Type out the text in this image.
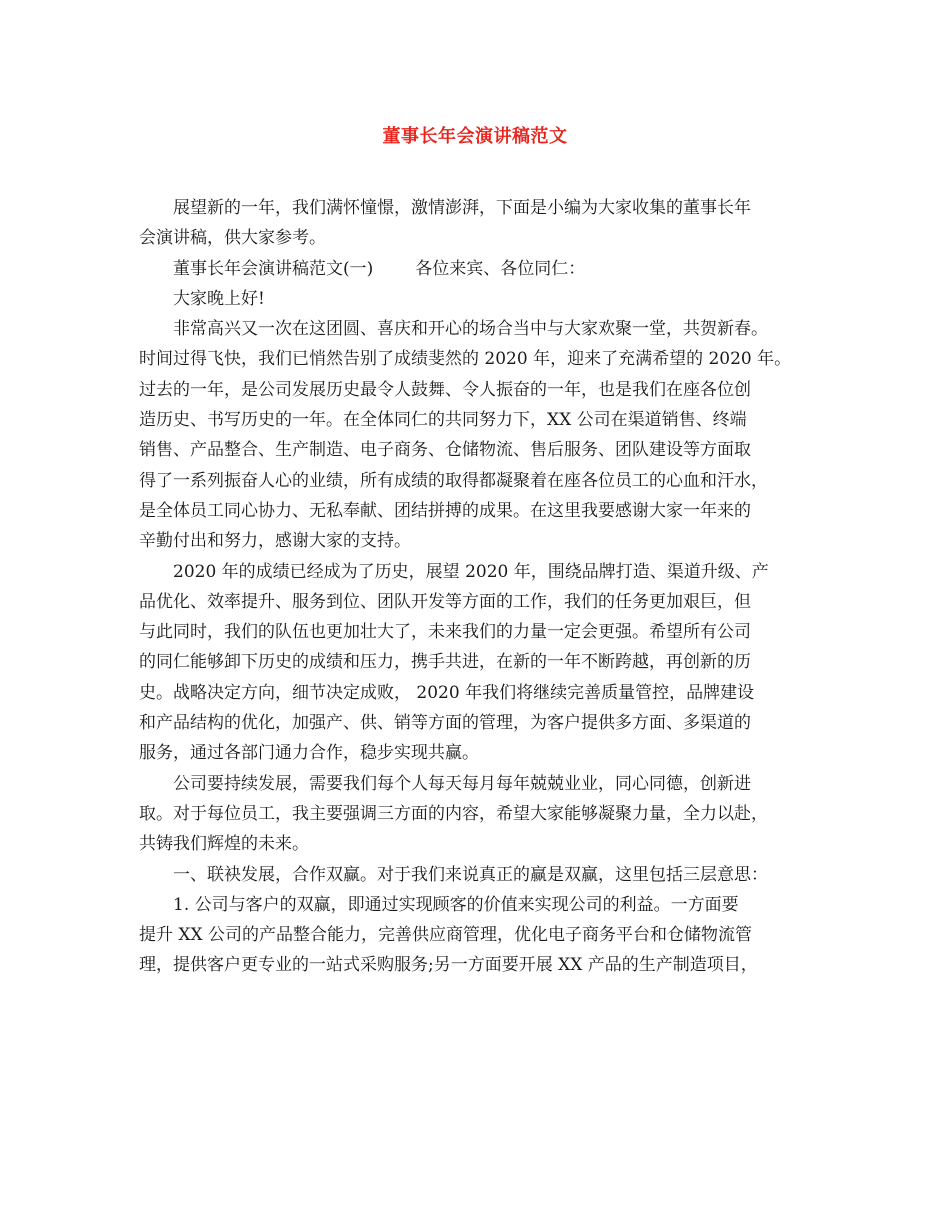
董事长年会演讲稿范文
展望新的一年，我们满怀憧憬，激情澎湃，下面是小编为大家收集的董事长年
会演讲稿，供大家参考。
董事长年会演讲稿范文(一) 各位来宾、各位同仁：
大家晚上好!
非常高兴又一次在这团圆、喜庆和开心的场合当中与大家欢聚一堂，共贺新春。
时间过得飞快，我们已悄然告别了成绩斐然的 2020 年，迎来了充满希望的 2020 年。
过去的一年，是公司发展历史最令人鼓舞、令人振奋的一年，也是我们在座各位创
造历史、书写历史的一年。在全体同仁的共同努力下，XX 公司在渠道销售、终端
销售、产品整合、生产制造、电子商务、仓储物流、售后服务、团队建设等方面取
得了一系列振奋人心的业绩，所有成绩的取得都凝聚着在座各位员工的心血和汗水，
是全体员工同心协力、无私奉献、团结拼搏的成果。在这里我要感谢大家一年来的
辛勤付出和努力，感谢大家的支持。
2020 年的成绩已经成为了历史，展望 2020 年，围绕品牌打造、渠道升级、产
品优化、效率提升、服务到位、团队开发等方面的工作，我们的任务更加艰巨，但
与此同时，我们的队伍也更加壮大了，未来我们的力量一定会更强。希望所有公司
的同仁能够卸下历史的成绩和压力，携手共进，在新的一年不断跨越，再创新的历
史。战略决定方向，细节决定成败， 2020 年我们将继续完善质量管控，品牌建设
和产品结构的优化，加强产、供、销等方面的管理，为客户提供多方面、多渠道的
服务，通过各部门通力合作，稳步实现共赢。
公司要持续发展，需要我们每个人每天每月每年兢兢业业，同心同德，创新进
取。对于每位员工，我主要强调三方面的内容，希望大家能够凝聚力量，全力以赴，
共铸我们辉煌的未来。
一、联袂发展，合作双赢。对于我们来说真正的赢是双赢，这里包括三层意思：
1. 公司与客户的双赢，即通过实现顾客的价值来实现公司的利益。一方面要
提升 XX 公司的产品整合能力，完善供应商管理，优化电子商务平台和仓储物流管
理，提供客户更专业的一站式采购服务;另一方面要开展 XX 产品的生产制造项目，
